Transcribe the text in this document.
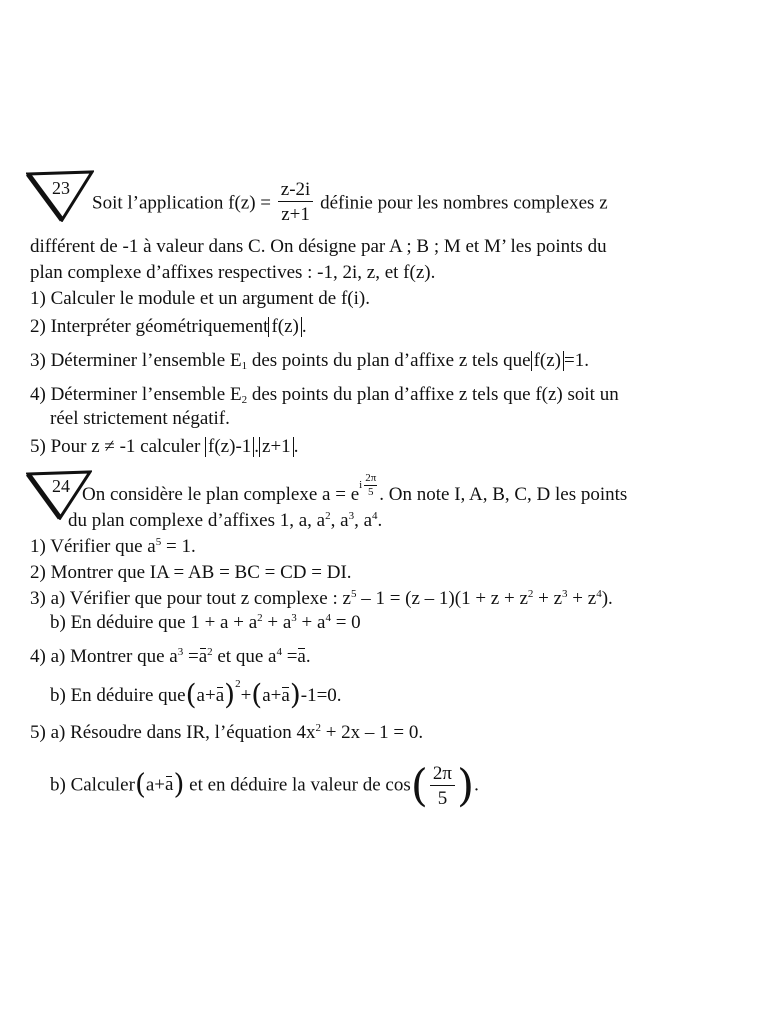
23
Soit l’application $f(z) = \frac{z-2i}{z+1}$ définie pour les nombres complexes z
différent de -1 à valeur dans C. On désigne par A ; B ; M et M’ les points du
plan complexe d’affixes respectives : -1, 2i, z, et f(z).
1) Calculer le module et un argument de f(i).
2) Interpréter géométriquement f(z) .
3) Déterminer l’ensemble $E_1$ des points du plan d’affixe z tels que f(z) =1.
4) Déterminer l’ensemble $E_2$ des points du plan d’affixe z tels que f(z) soit un
réel strictement négatif.
5) Pour z ≠ -1 calculer f(z)-1 . z+1 .
24 On considère le plan complexe a = ei $\frac{2\pi}{5}$ . On note I, A, B, C, D les points
du plan complexe d’affixes 1, a, $a^2$, $a^3$, $a^4$.
1) Vérifier que $a^5 = 1$.
2) Montrer que IA = AB = BC = CD = DI.
3) a) Vérifier que pour tout z complexe : $z^5 - 1 = (z - 1)(1 + z + z^2 + z^3 + z^4)$.
b) En déduire que $1 + a + a^2 + a^3 + a^4 = 0$
4) a) Montrer que $a^3 =a^2$ et que $a^4 =a$.
b) En déduire $que(a+a)^2+(a+a)-1=0$.
5) a) Résoudre dans IR, l’équation $4x^2 + 2x - 1 = 0$.
b) Calculer(a+a) et en déduire la valeur de $\cos( \frac{2\pi}{5}$ ).
